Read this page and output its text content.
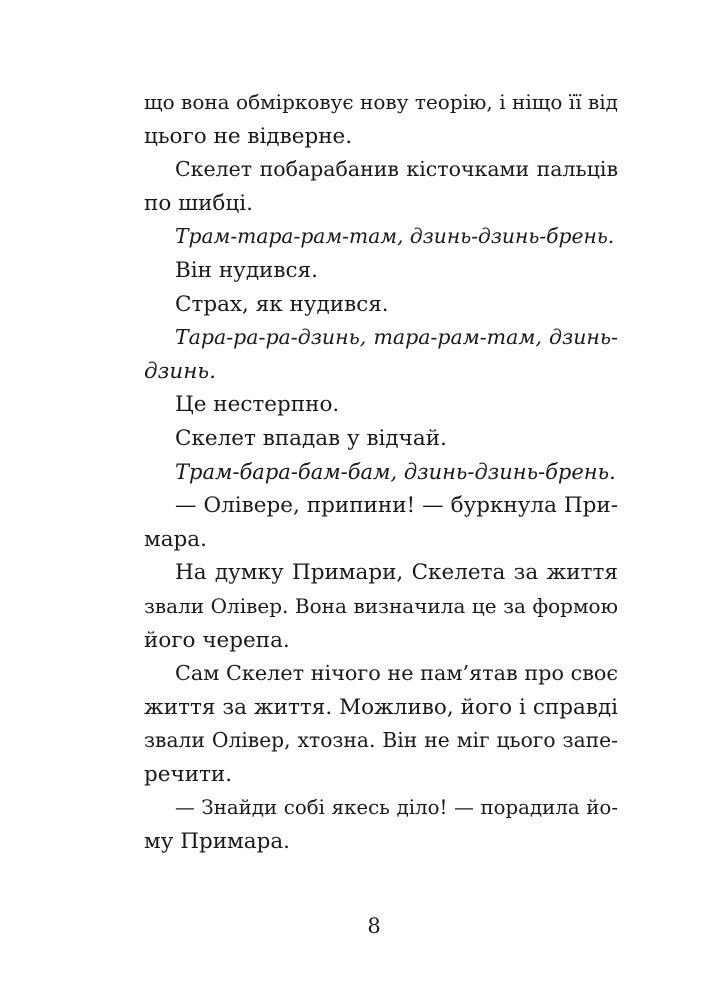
що вона обмірковує нову теорію, і ніщо її від
цього не відверне.
Скелет побарабанив кісточками пальців
по шибці.
Трам-тара-рам-там, дзинь-дзинь-брень.
Він нудився.
Страх, як нудився.
Тара-ра-ра-дзинь, тара-рам-там, дзинь-
дзинь.
Це нестерпно.
Скелет впадав у відчай.
Трам-бара-бам-бам, дзинь-дзинь-брень.
— Олівере, припини! — буркнула При-
мара.
На думку Примари, Скелета за життя
звали Олівер. Вона визначила це за формою
його черепа.
Сам Скелет нічого не пам’ятав про своє
життя за життя. Можливо, його і справді
звали Олівер, хтозна. Він не міг цього запе-
речити.
— Знайди собі якесь діло! — порадила йо-
му Примара.
8
